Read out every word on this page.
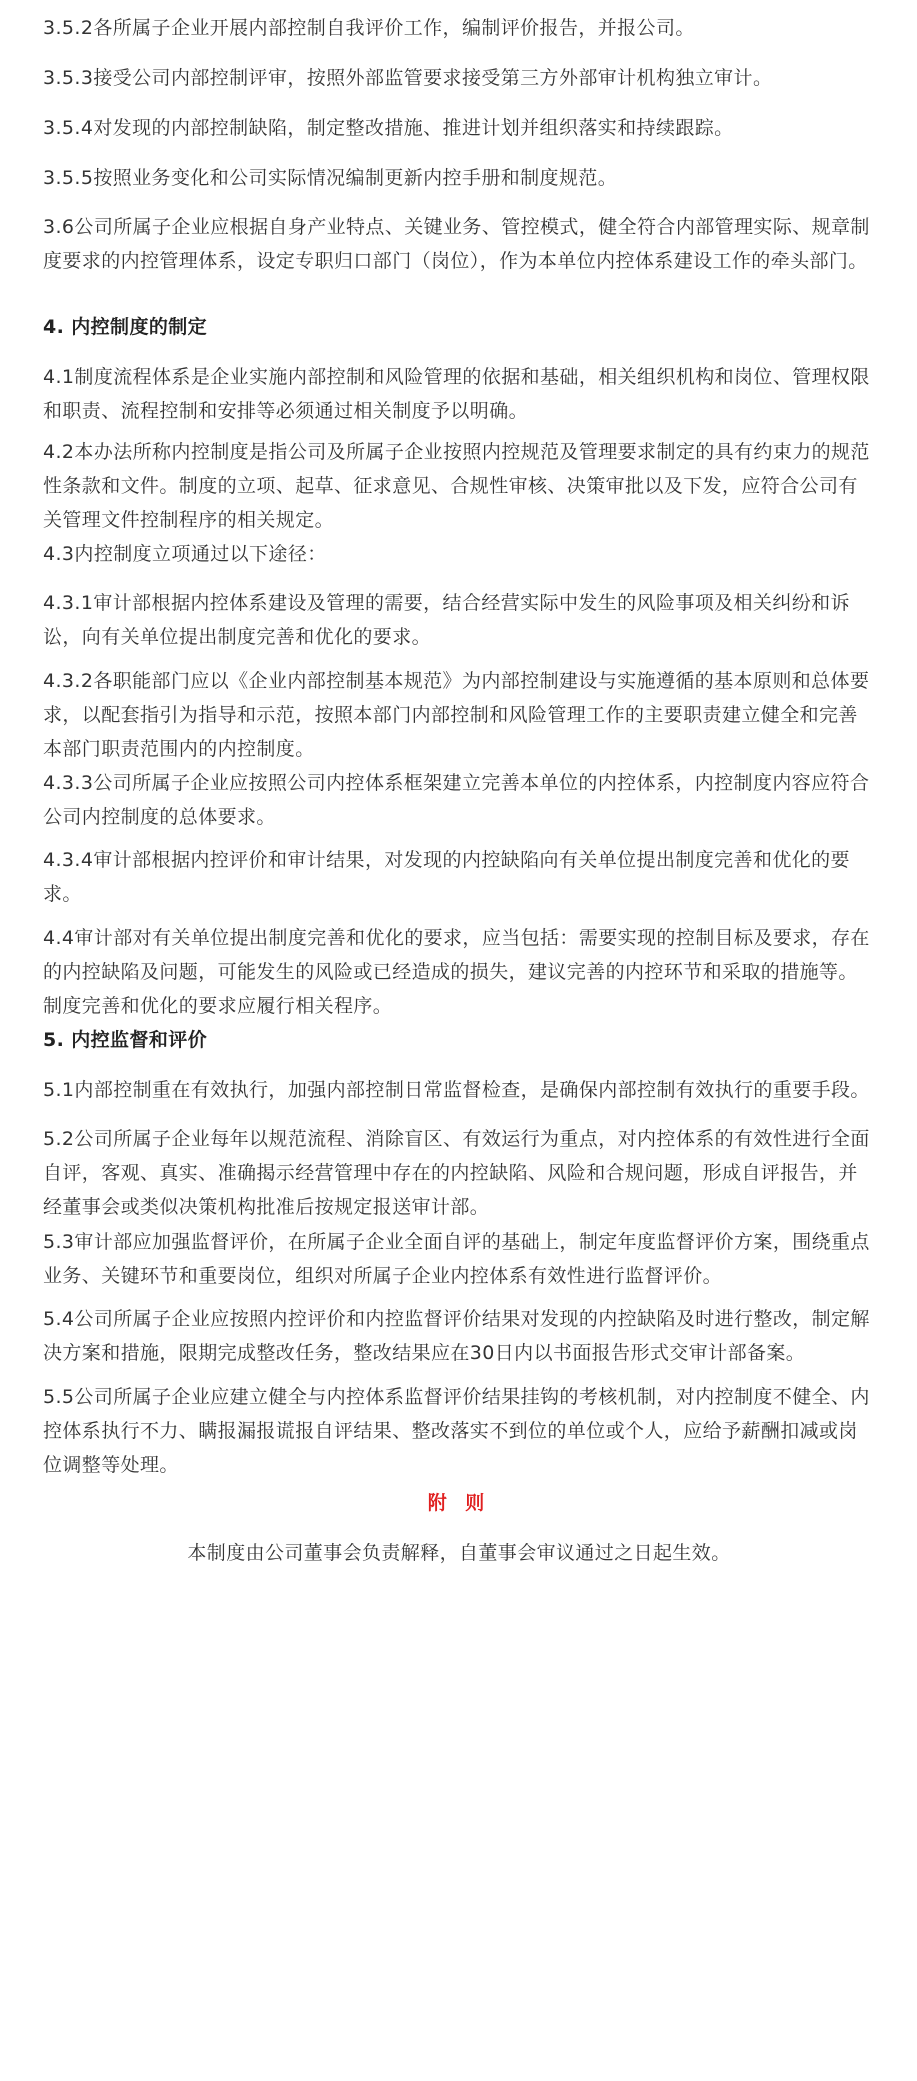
3.5.2各所属子企业开展内部控制自我评价工作，编制评价报告，并报公司。

3.5.3接受公司内部控制评审，按照外部监管要求接受第三方外部审计机构独立审计。

3.5.4对发现的内部控制缺陷，制定整改措施、推进计划并组织落实和持续跟踪。

3.5.5按照业务变化和公司实际情况编制更新内控手册和制度规范。

3.6公司所属子企业应根据自身产业特点、关键业务、管控模式，健全符合内部管理实际、规章制度要求的内控管理体系，设定专职归口部门（岗位），作为本单位内控体系建设工作的牵头部门。

4. 内控制度的制定

4.1制度流程体系是企业实施内部控制和风险管理的依据和基础，相关组织机构和岗位、管理权限和职责、流程控制和安排等必须通过相关制度予以明确。

4.2本办法所称内控制度是指公司及所属子企业按照内控规范及管理要求制定的具有约束力的规范性条款和文件。制度的立项、起草、征求意见、合规性审核、决策审批以及下发，应符合公司有关管理文件控制程序的相关规定。

4.3内控制度立项通过以下途径：

4.3.1审计部根据内控体系建设及管理的需要，结合经营实际中发生的风险事项及相关纠纷和诉讼，向有关单位提出制度完善和优化的要求。

4.3.2各职能部门应以《企业内部控制基本规范》为内部控制建设与实施遵循的基本原则和总体要求，以配套指引为指导和示范，按照本部门内部控制和风险管理工作的主要职责建立健全和完善本部门职责范围内的内控制度。

4.3.3公司所属子企业应按照公司内控体系框架建立完善本单位的内控体系，内控制度内容应符合公司内控制度的总体要求。

4.3.4审计部根据内控评价和审计结果，对发现的内控缺陷向有关单位提出制度完善和优化的要求。

4.4审计部对有关单位提出制度完善和优化的要求，应当包括：需要实现的控制目标及要求，存在的内控缺陷及问题，可能发生的风险或已经造成的损失，建议完善的内控环节和采取的措施等。制度完善和优化的要求应履行相关程序。

5. 内控监督和评价

5.1内部控制重在有效执行，加强内部控制日常监督检查，是确保内部控制有效执行的重要手段。

5.2公司所属子企业每年以规范流程、消除盲区、有效运行为重点，对内控体系的有效性进行全面自评，客观、真实、准确揭示经营管理中存在的内控缺陷、风险和合规问题，形成自评报告，并经董事会或类似决策机构批准后按规定报送审计部。

5.3审计部应加强监督评价，在所属子企业全面自评的基础上，制定年度监督评价方案，围绕重点业务、关键环节和重要岗位，组织对所属子企业内控体系有效性进行监督评价。

5.4公司所属子企业应按照内控评价和内控监督评价结果对发现的内控缺陷及时进行整改，制定解决方案和措施，限期完成整改任务，整改结果应在30日内以书面报告形式交审计部备案。

5.5公司所属子企业应建立健全与内控体系监督评价结果挂钩的考核机制，对内控制度不健全、内控体系执行不力、瞒报漏报谎报自评结果、整改落实不到位的单位或个人，应给予薪酬扣减或岗位调整等处理。

附 则

本制度由公司董事会负责解释，自董事会审议通过之日起生效。
